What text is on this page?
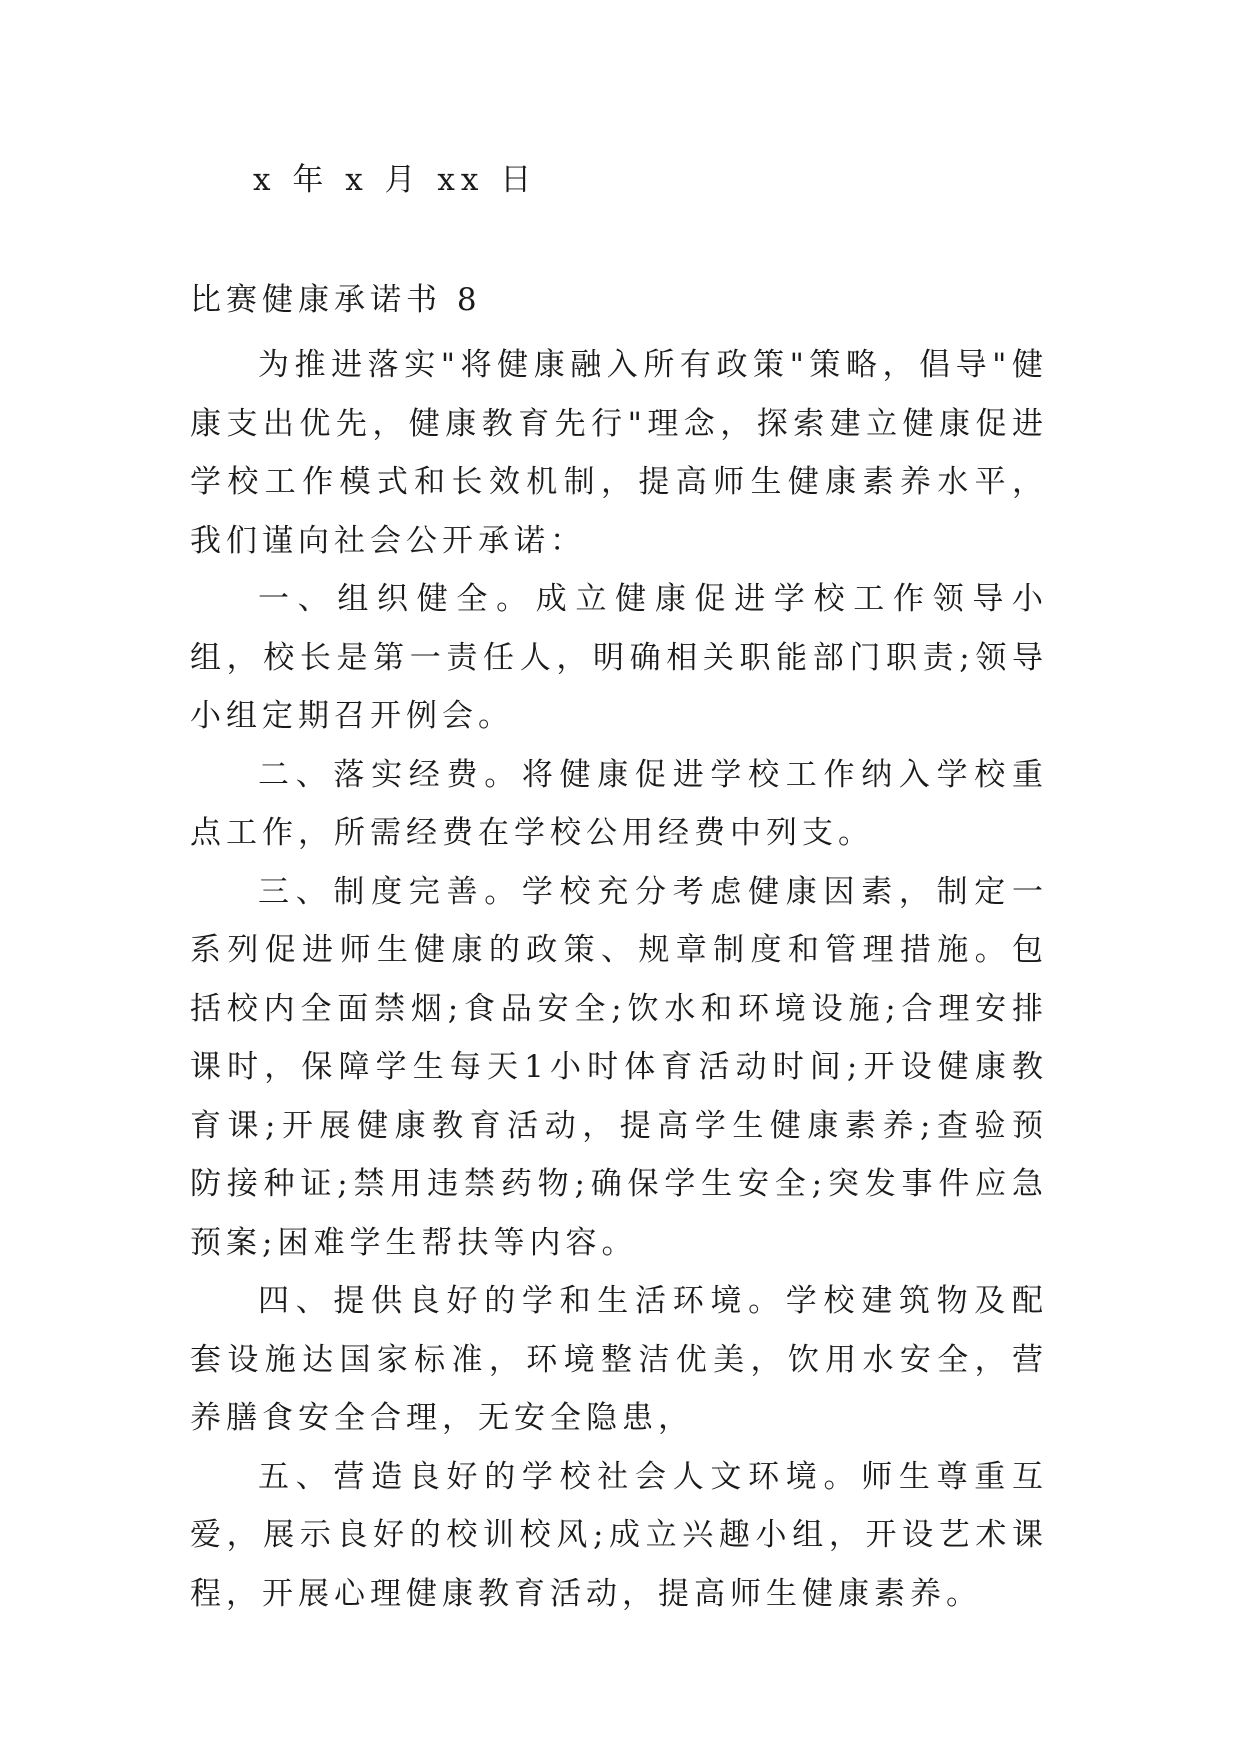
x 年 x 月 xx 日
比赛健康承诺书 8

为推进落实"将健康融入所有政策"策略，倡导"健康支出优先，健康教育先行"理念，探索建立健康促进学校工作模式和长效机制，提高师生健康素养水平，我们谨向社会公开承诺：

一、组织健全。成立健康促进学校工作领导小组，校长是第一责任人，明确相关职能部门职责;领导小组定期召开例会。

二、落实经费。将健康促进学校工作纳入学校重点工作，所需经费在学校公用经费中列支。

三、制度完善。学校充分考虑健康因素，制定一系列促进师生健康的政策、规章制度和管理措施。包括校内全面禁烟;食品安全;饮水和环境设施;合理安排课时，保障学生每天1小时体育活动时间;开设健康教育课;开展健康教育活动，提高学生健康素养;查验预防接种证;禁用违禁药物;确保学生安全;突发事件应急预案;困难学生帮扶等内容。

四、提供良好的学和生活环境。学校建筑物及配套设施达国家标准，环境整洁优美，饮用水安全，营养膳食安全合理，无安全隐患，

五、营造良好的学校社会人文环境。师生尊重互爱，展示良好的校训校风;成立兴趣小组，开设艺术课程，开展心理健康教育活动，提高师生健康素养。
